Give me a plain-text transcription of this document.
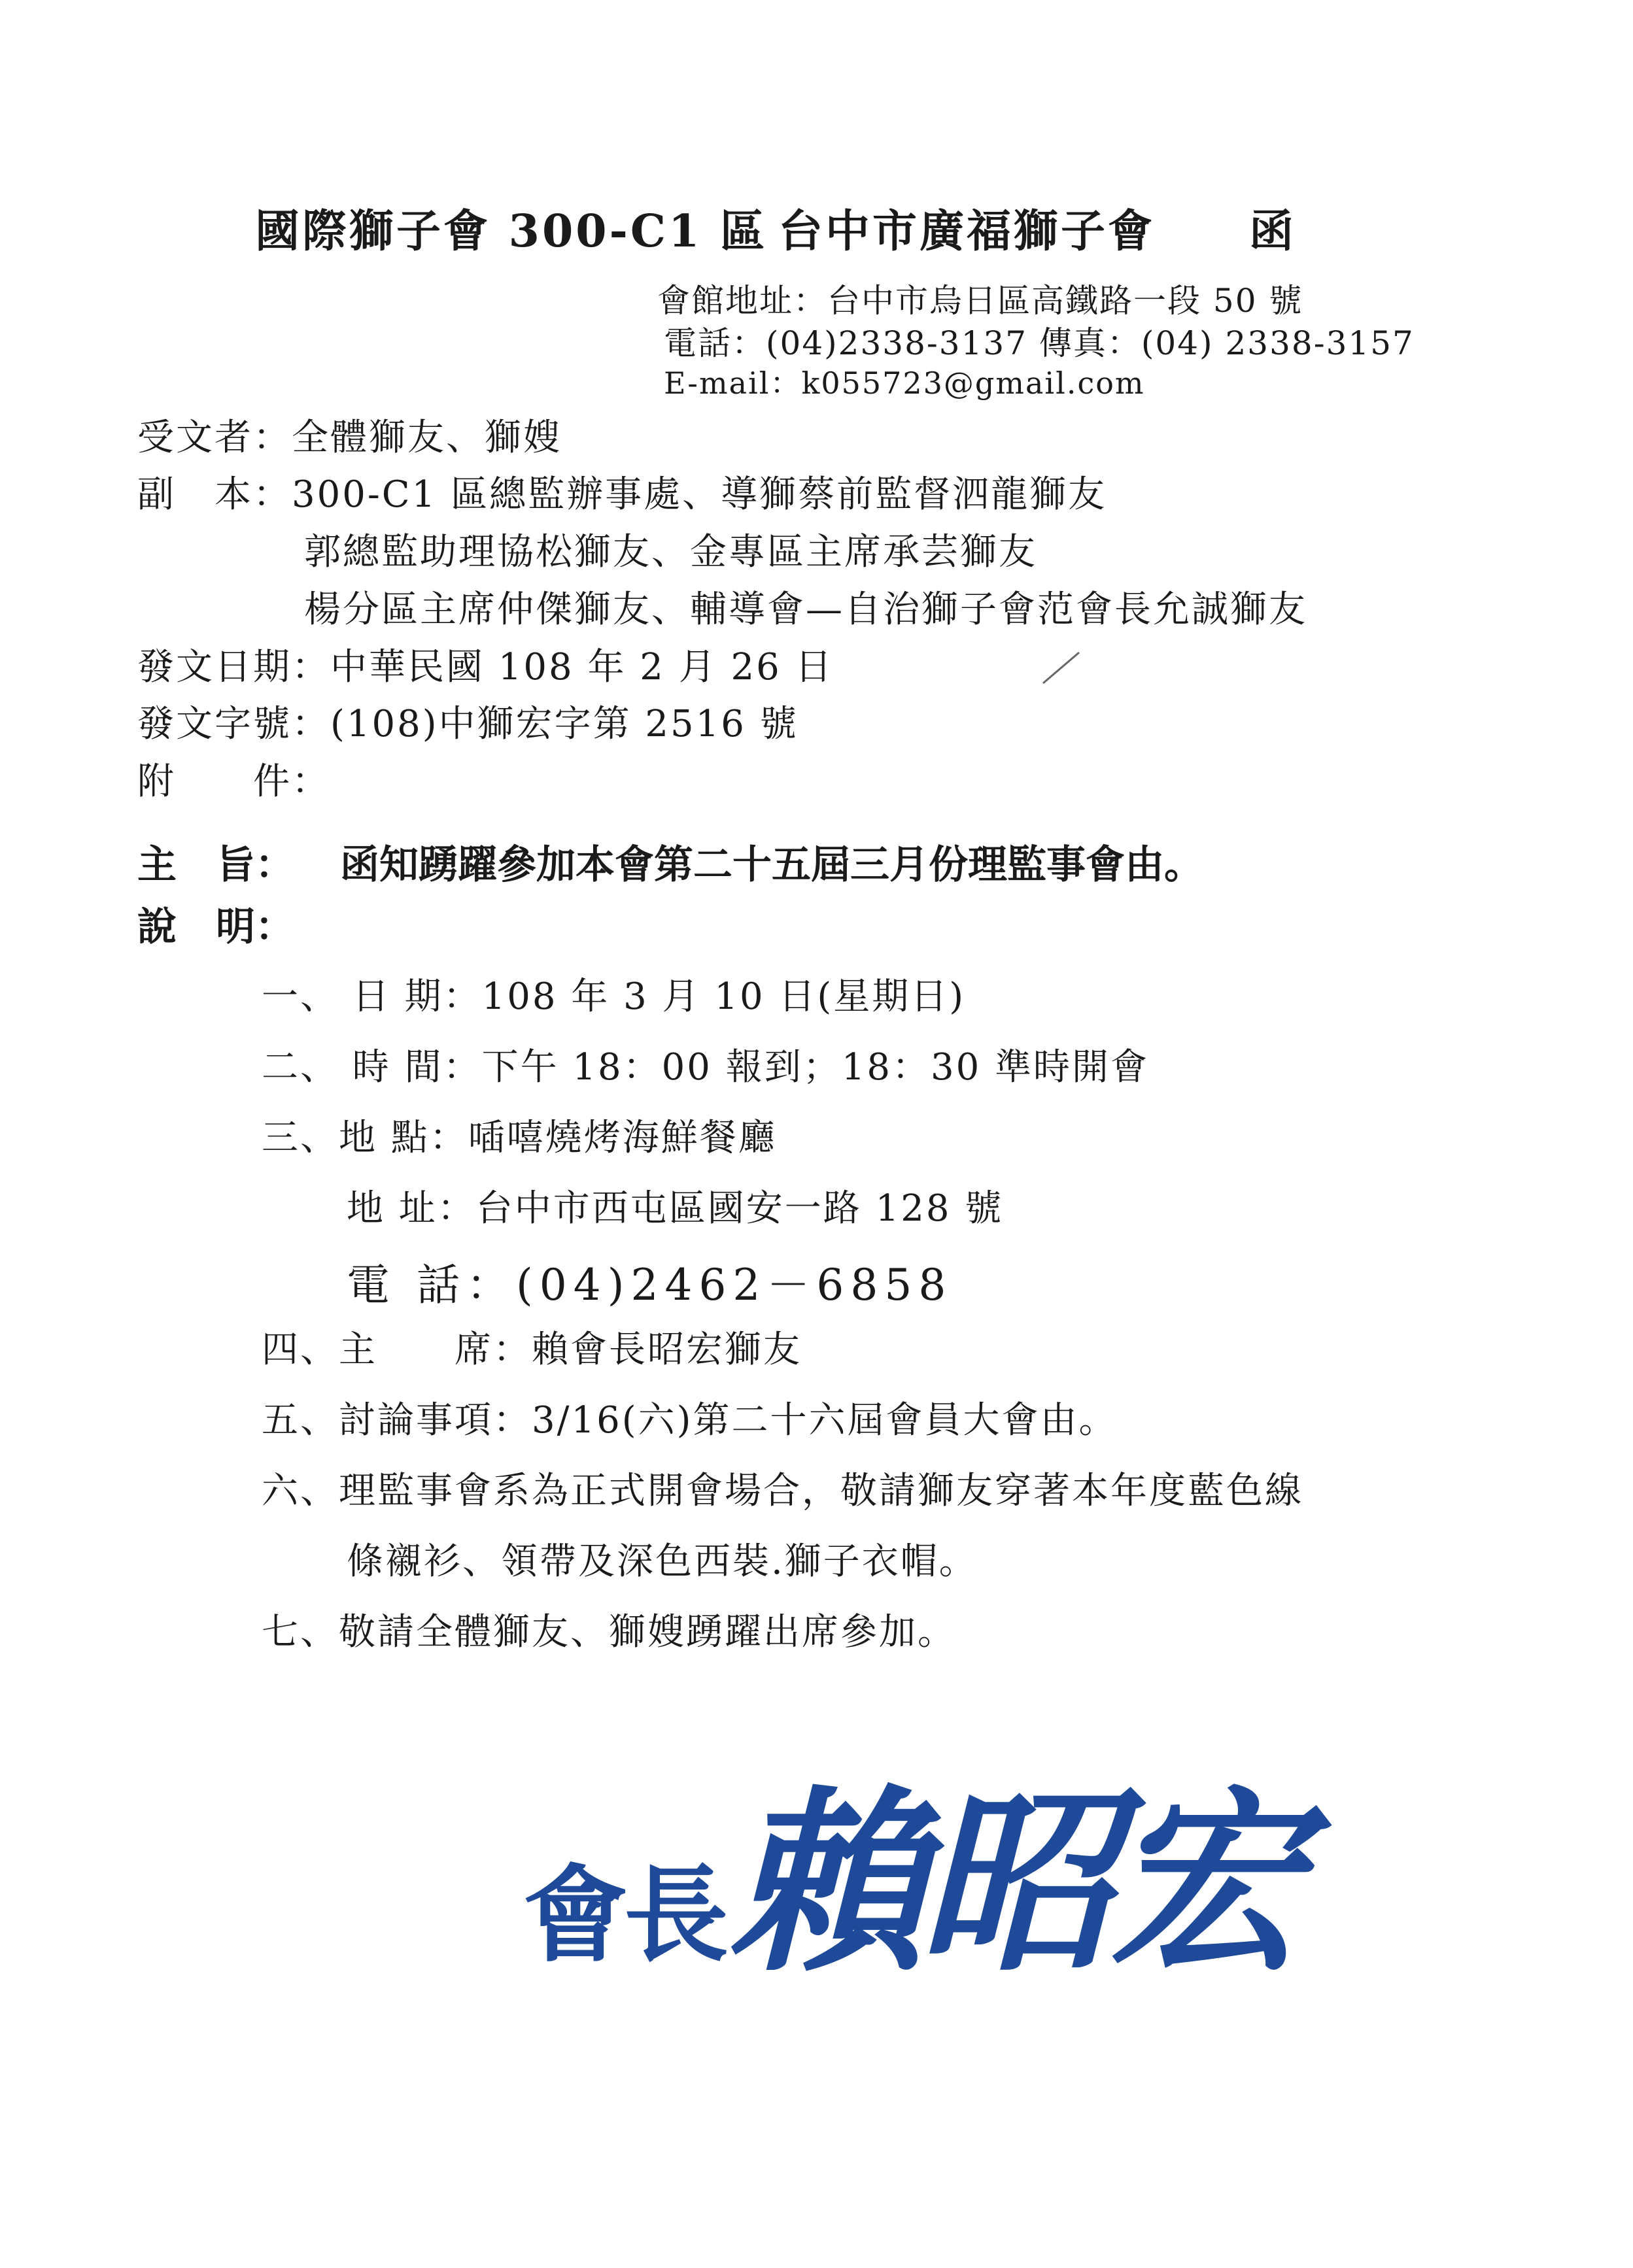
國際獅子會 300-C1 區 台中市廣福獅子會 函
會館地址：台中市烏日區高鐵路一段 50 號
電話：(04)2338-3137 傳真：(04) 2338-3157
E-mail：k055723@gmail.com
受文者：全體獅友、獅嫂
副　本：300-C1 區總監辦事處、導獅蔡前監督泗龍獅友
郭總監助理協松獅友、金專區主席承芸獅友
楊分區主席仲傑獅友、輔導會—自治獅子會范會長允誠獅友
發文日期：中華民國 108 年 2 月 26 日
發文字號：(108)中獅宏字第 2516 號
附　　件：
主　旨： 函知踴躍參加本會第二十五屆三月份理監事會由。
說　明：
一、 日 期：108 年 3 月 10 日(星期日)
二、 時 間：下午 18：00 報到；18：30 準時開會
三、地 點：喢嘻燒烤海鮮餐廳
地 址：台中市西屯區國安一路 128 號
電 話：(04)2462－6858
四、主　　席：賴會長昭宏獅友
五、討論事項：3/16(六)第二十六屆會員大會由。
六、理監事會系為正式開會場合，敬請獅友穿著本年度藍色線
條襯衫、領帶及深色西裝.獅子衣帽。
七、敬請全體獅友、獅嫂踴躍出席參加。
會長 賴昭宏
